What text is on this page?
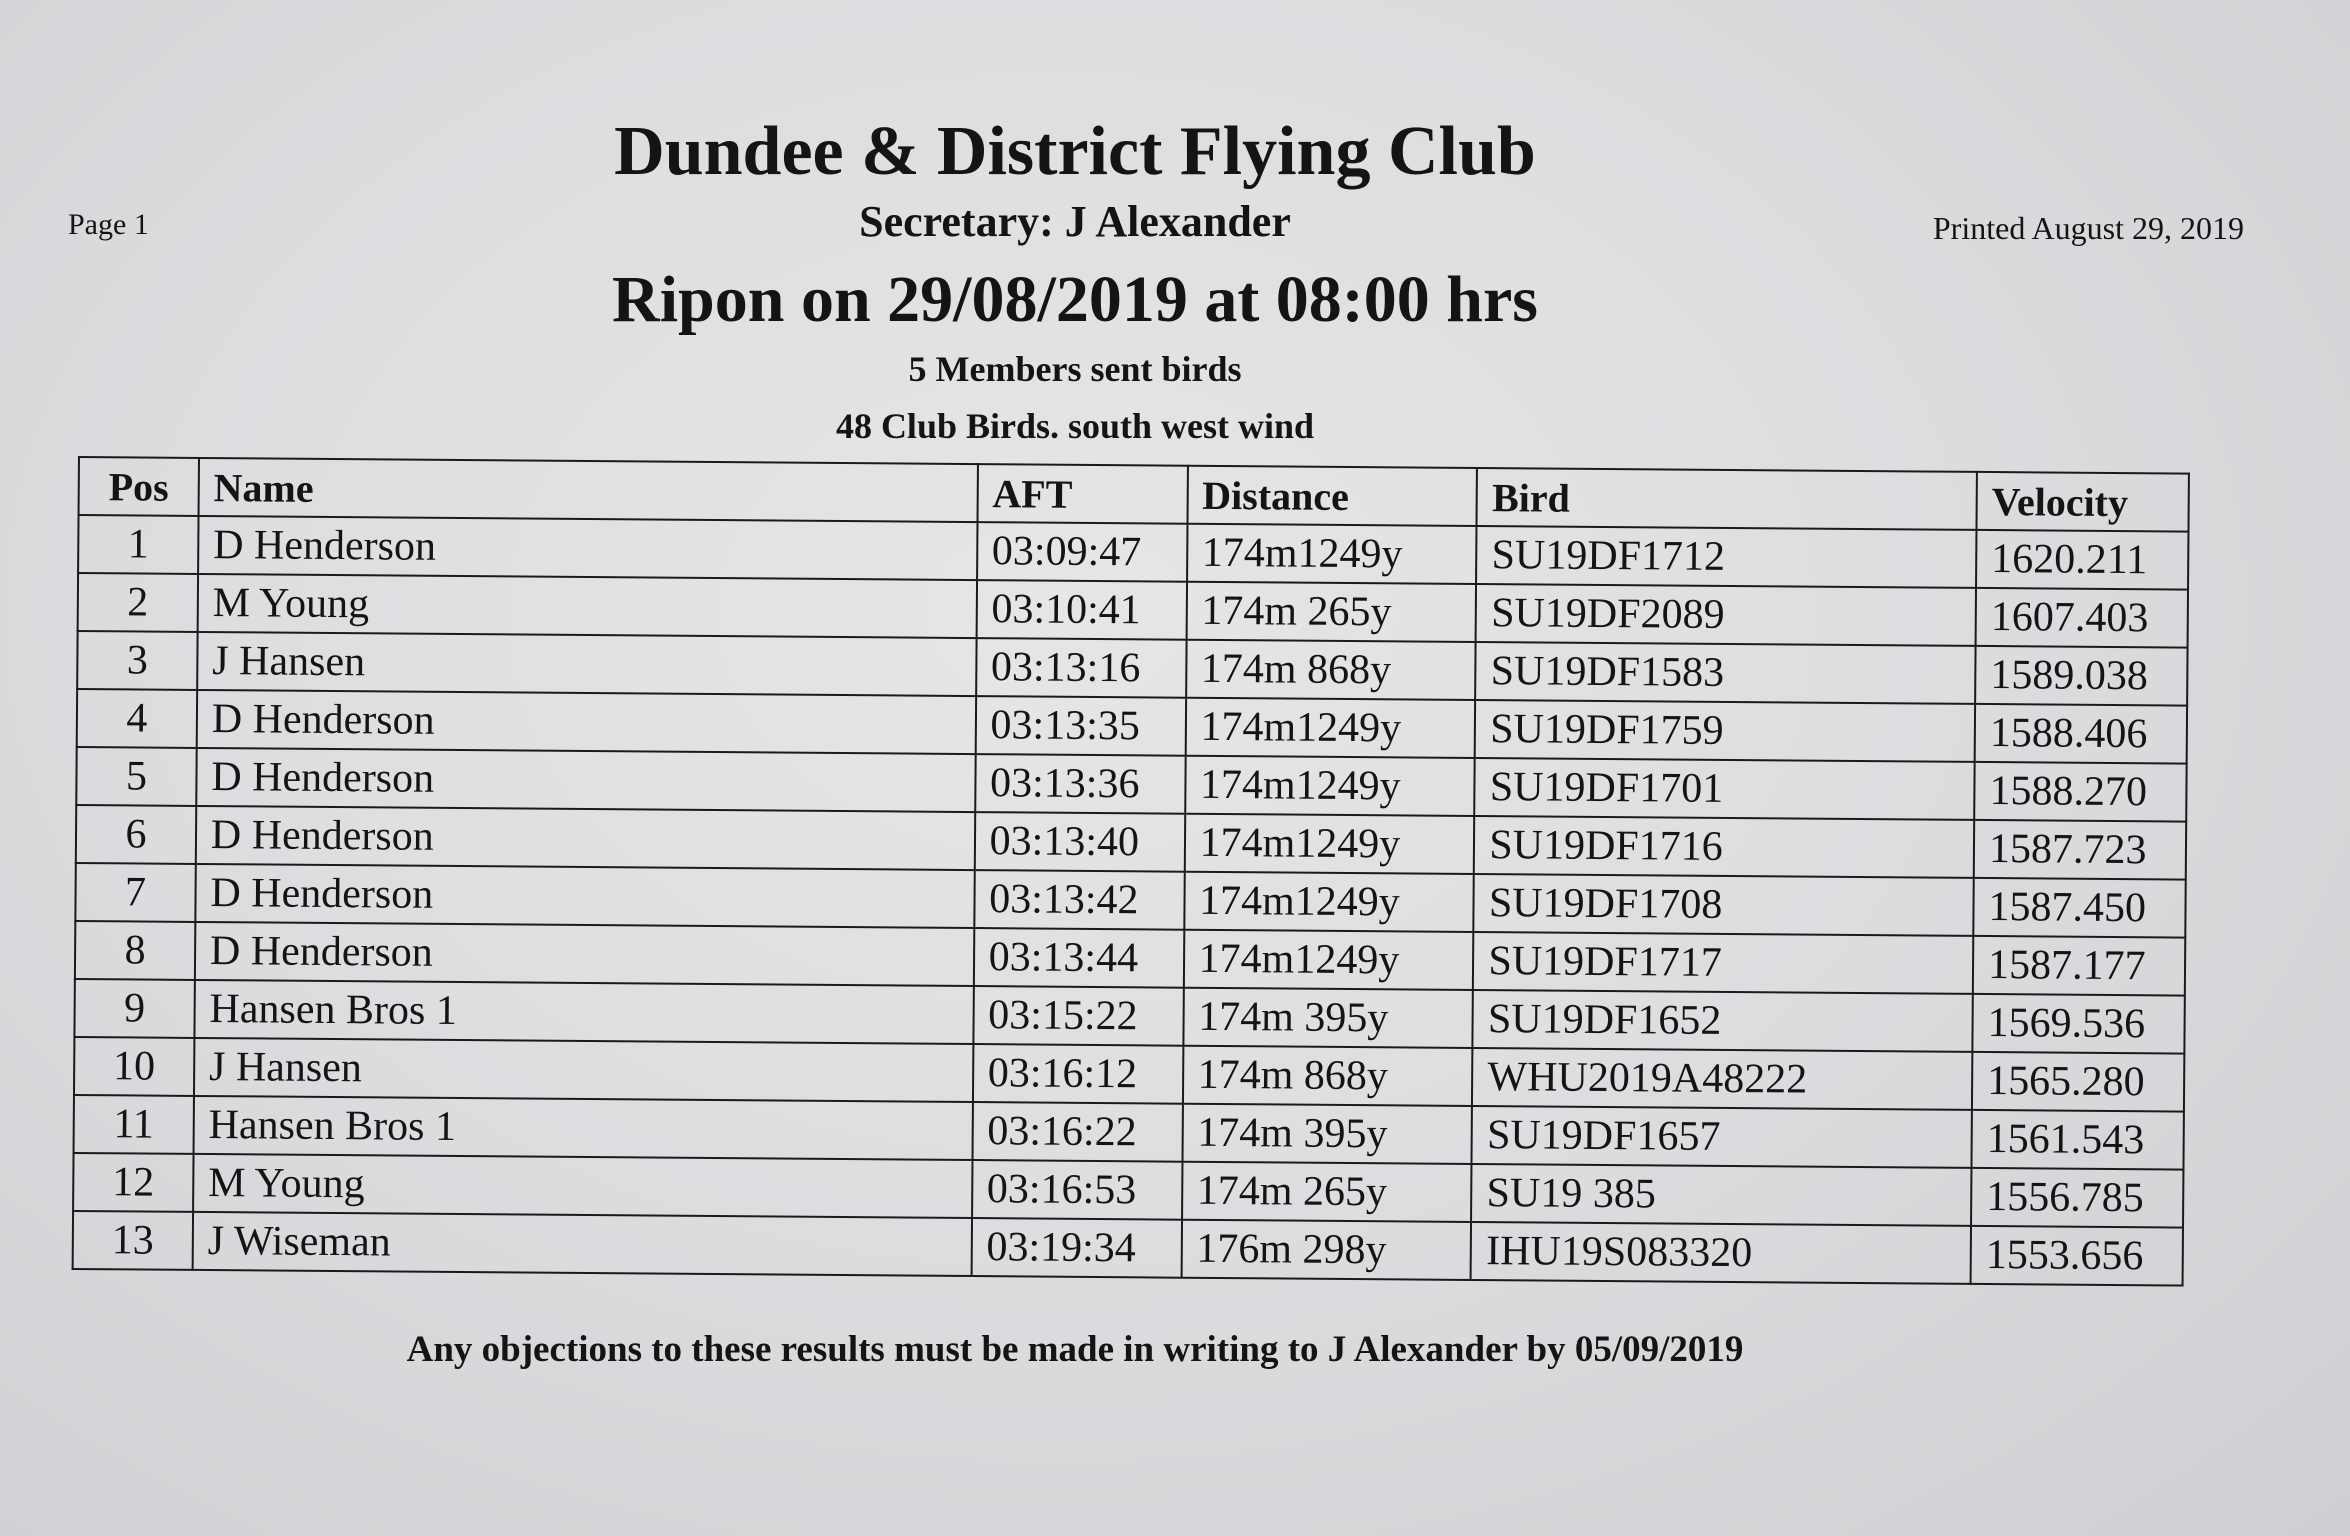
Page 1	Printed August 29, 2019
Dundee & District Flying Club
Secretary: J Alexander
Ripon on 29/08/2019 at 08:00 hrs
5 Members sent birds
48 Club Birds. south west wind
Pos	Name	AFT	Distance	Bird	Velocity
1	D Henderson	03:09:47	174m1249y	SU19DF1712	1620.211
2	M Young	03:10:41	174m 265y	SU19DF2089	1607.403
3	J Hansen	03:13:16	174m 868y	SU19DF1583	1589.038
4	D Henderson	03:13:35	174m1249y	SU19DF1759	1588.406
5	D Henderson	03:13:36	174m1249y	SU19DF1701	1588.270
6	D Henderson	03:13:40	174m1249y	SU19DF1716	1587.723
7	D Henderson	03:13:42	174m1249y	SU19DF1708	1587.450
8	D Henderson	03:13:44	174m1249y	SU19DF1717	1587.177
9	Hansen Bros 1	03:15:22	174m 395y	SU19DF1652	1569.536
10	J Hansen	03:16:12	174m 868y	WHU2019A48222	1565.280
11	Hansen Bros 1	03:16:22	174m 395y	SU19DF1657	1561.543
12	M Young	03:16:53	174m 265y	SU19 385	1556.785
13	J Wiseman	03:19:34	176m 298y	IHU19S083320	1553.656
Any objections to these results must be made in writing to J Alexander by 05/09/2019
